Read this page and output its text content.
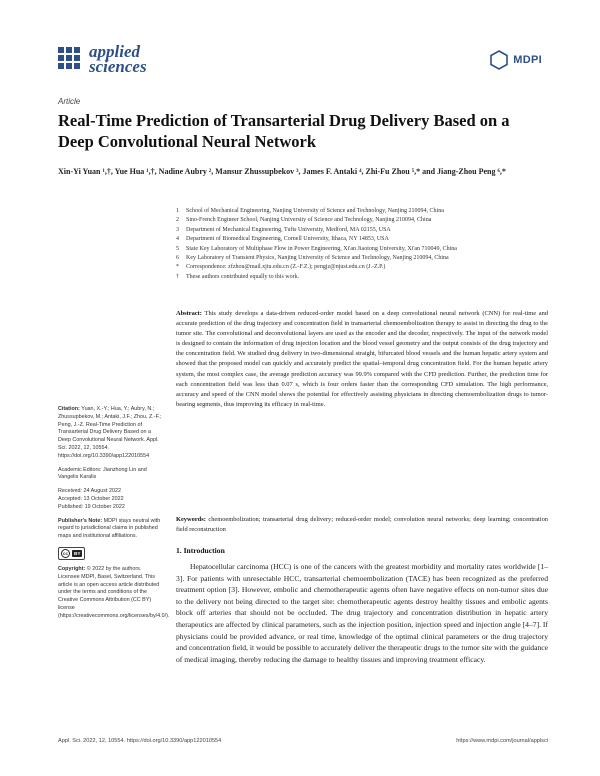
applied
sciences	MDPI
Article
Real-Time Prediction of Transarterial Drug Delivery Based on a Deep Convolutional Neural Network
Xin-Yi Yuan ¹,†, Yue Hua ¹,†, Nadine Aubry ², Mansur Zhussupbekov ³, James F. Antaki ⁴, Zhi-Fu Zhou ⁵,* and Jiang-Zhou Peng ⁶,*
1	School of Mechanical Engineering, Nanjing University of Science and Technology, Nanjing 210094, China
2	Sino-French Engineer School, Nanjing University of Science and Technology, Nanjing 210094, China
3	Department of Mechanical Engineering, Tufts University, Medford, MA 02155, USA
4	Department of Biomedical Engineering, Cornell University, Ithaca, NY 14853, USA
5	State Key Laboratory of Multiphase Flow in Power Engineering, Xi'an Jiaotong University, Xi'an 710049, China
6	Key Laboratory of Transient Physics, Nanjing University of Science and Technology, Nanjing 210094, China
*	Correspondence: zfzhou@mail.xjtu.edu.cn (Z.-F.Z.); pengjz@njust.edu.cn (J.-Z.P.)
†	These authors contributed equally to this work.
Abstract: This study develops a data-driven reduced-order model based on a deep convolutional neural network (CNN) for real-time and accurate prediction of the drug trajectory and concentration field in transarterial chemoembolization therapy to assist in directing the drug to the tumor site. The convolutional and deconvolutional layers are used as the encoder and the decoder, respectively. The input of the network model is designed to contain the information of drug injection location and the blood vessel geometry and the output consists of the drug trajectory and the concentration field. We studied drug delivery in two-dimensional straight, bifurcated blood vessels and the human hepatic artery system and showed that the proposed model can quickly and accurately predict the spatial–temporal drug concentration field. For the human hepatic artery system, the most complex case, the average prediction accuracy was 99.9% compared with the CFD prediction. Further, the prediction time for each concentration field was less than 0.07 s, which is four orders faster than the corresponding CFD simulation. The high performance, accuracy and speed of the CNN model shows the potential for effectively assisting physicians in directing chemoembolization drugs to tumor-bearing segments, thus improving its efficacy in real-time.
Keywords: chemoembolization; transarterial drug delivery; reduced-order model; convolution neural networks; deep learning; concentration field reconstruction
Citation: Yuan, X.-Y.; Hua, Y.; Aubry, N.; Zhussupbekov, M.; Antaki, J.F.; Zhou, Z.-F.; Peng, J.-Z. Real-Time Prediction of Transarterial Drug Delivery Based on a Deep Convolutional Neural Network. Appl. Sci. 2022, 12, 10554. https://doi.org/10.3390/app122010554
Academic Editors: Jianzhong Lin and Vangelis Karalis
Received: 24 August 2022
Accepted: 13 October 2022
Published: 19 October 2022
Publisher's Note: MDPI stays neutral with regard to jurisdictional claims in published maps and institutional affiliations.
cc	BY
Copyright: © 2022 by the authors. Licensee MDPI, Basel, Switzerland. This article is an open access article distributed under the terms and conditions of the Creative Commons Attribution (CC BY) license (https://creativecommons.org/licenses/by/4.0/).
1. Introduction

Hepatocellular carcinoma (HCC) is one of the cancers with the greatest morbidity and mortality rates worldwide [1–3]. For patients with unresectable HCC, transarterial chemoembolization (TACE) has been recognized as the preferred treatment option [3]. However, embolic and chemotherapeutic agents often have negative effects on non-tumor sites due to the delivery not being directed to the target site: chemotherapeutic agents destroy healthy tissues and embolic agents block off arteries that should not be occluded. The drug trajectory and concentration distribution in hepatic artery therapeutics are affected by clinical parameters, such as the injection position, injection speed and injection angle [4–7]. If physicians could be provided advance, or real time, knowledge of the optimal clinical parameters or the drug trajectory and concentration field, it would be possible to accurately deliver the therapeutic drugs to the tumor site with the guidance of medical imaging, thereby reducing the damage to healthy tissues and improving treatment efficacy.

Appl. Sci. 2022, 12, 10554. https://doi.org/10.3390/app122010554	https://www.mdpi.com/journal/applsci
